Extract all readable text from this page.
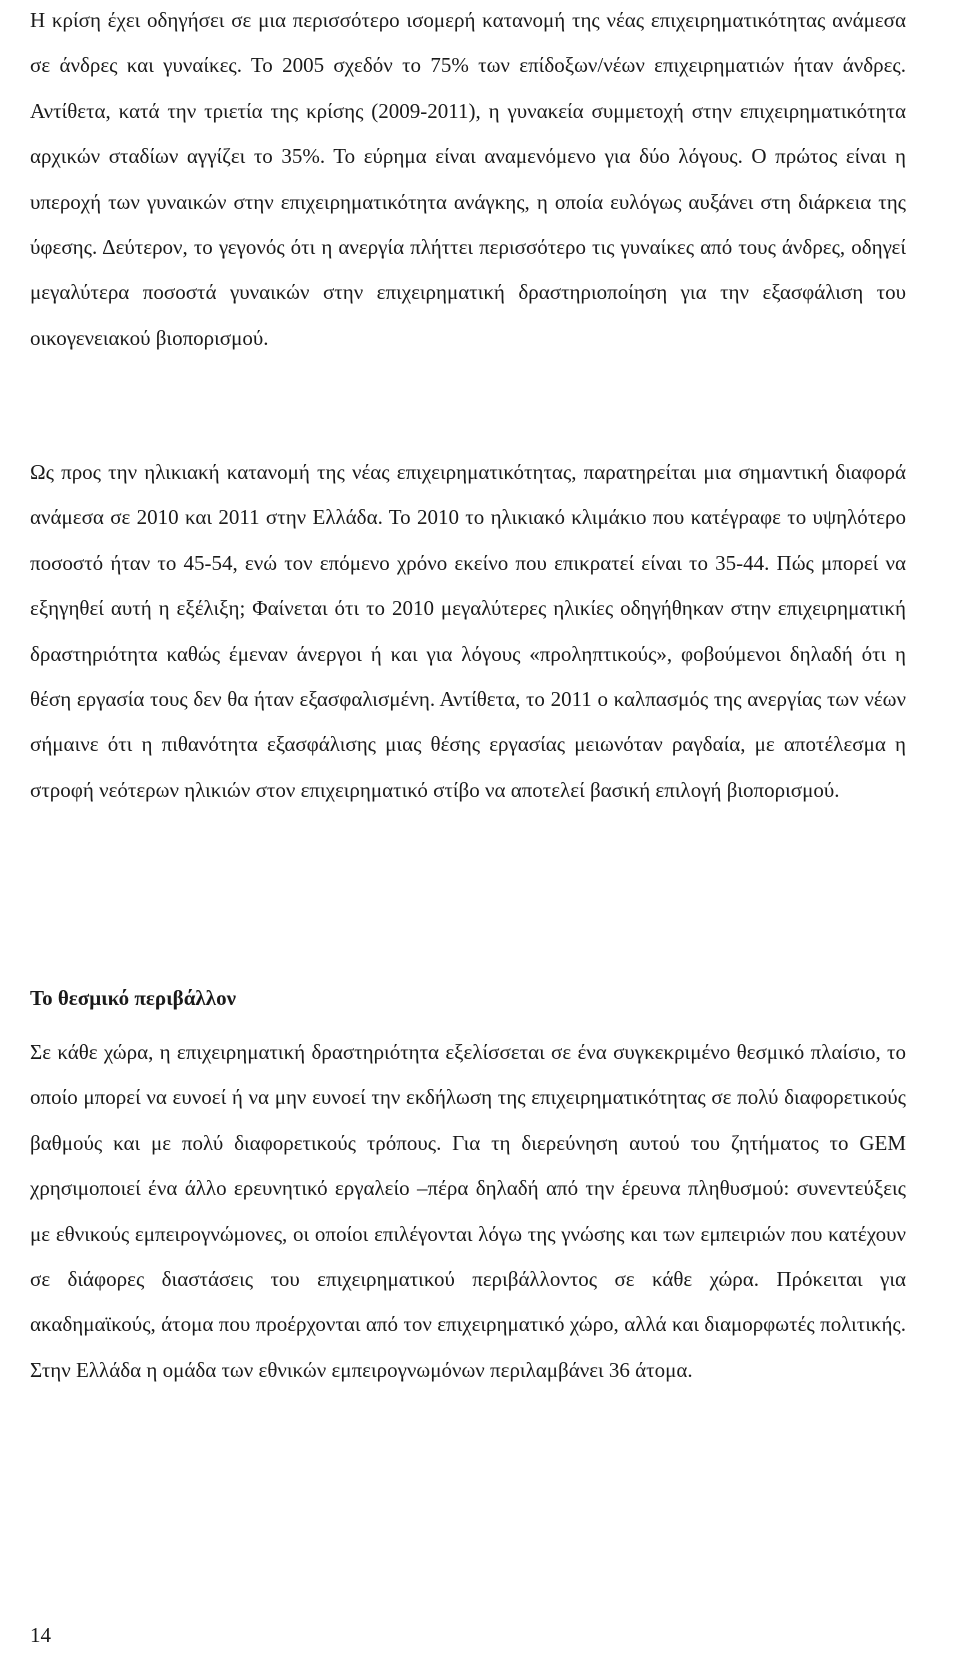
Η κρίση έχει οδηγήσει σε μια περισσότερο ισομερή κατανομή της νέας επιχειρηματικότητας ανάμεσα σε άνδρες και γυναίκες. Το 2005 σχεδόν το 75% των επίδοξων/νέων επιχειρηματιών ήταν άνδρες. Αντίθετα, κατά την τριετία της κρίσης (2009-2011), η γυνακεία συμμετοχή στην επιχειρηματικότητα αρχικών σταδίων αγγίζει το 35%. Το εύρημα είναι αναμενόμενο για δύο λόγους. Ο πρώτος είναι η υπεροχή των γυναικών στην επιχειρηματικότητα ανάγκης, η οποία ευλόγως αυξάνει στη διάρκεια της ύφεσης. Δεύτερον, το γεγονός ότι η ανεργία πλήττει περισσότερο τις γυναίκες από τους άνδρες, οδηγεί μεγαλύτερα ποσοστά γυναικών στην επιχειρηματική δραστηριοποίηση για την εξασφάλιση του οικογενειακού βιοπορισμού.

Ως προς την ηλικιακή κατανομή της νέας επιχειρηματικότητας, παρατηρείται μια σημαντική διαφορά ανάμεσα σε 2010 και 2011 στην Ελλάδα. Το 2010 το ηλικιακό κλιμάκιο που κατέγραφε το υψηλότερο ποσοστό ήταν το 45-54, ενώ τον επόμενο χρόνο εκείνο που επικρατεί είναι το 35-44. Πώς μπορεί να εξηγηθεί αυτή η εξέλιξη; Φαίνεται ότι το 2010 μεγαλύτερες ηλικίες οδηγήθηκαν στην επιχειρηματική δραστηριότητα καθώς έμεναν άνεργοι ή και για λόγους «προληπτικούς», φοβούμενοι δηλαδή ότι η θέση εργασία τους δεν θα ήταν εξασφαλισμένη. Αντίθετα, το 2011 ο καλπασμός της ανεργίας των νέων σήμαινε ότι η πιθανότητα εξασφάλισης μιας θέσης εργασίας μειωνόταν ραγδαία, με αποτέλεσμα η στροφή νεότερων ηλικιών στον επιχειρηματικό στίβο να αποτελεί βασική επιλογή βιοπορισμού.

Το θεσμικό περιβάλλον

Σε κάθε χώρα, η επιχειρηματική δραστηριότητα εξελίσσεται σε ένα συγκεκριμένο θεσμικό πλαίσιο, το οποίο μπορεί να ευνοεί ή να μην ευνοεί την εκδήλωση της επιχειρηματικότητας σε πολύ διαφορετικούς βαθμούς και με πολύ διαφορετικούς τρόπους. Για τη διερεύνηση αυτού του ζητήματος το GEM χρησιμοποιεί ένα άλλο ερευνητικό εργαλείο –πέρα δηλαδή από την έρευνα πληθυσμού: συνεντεύξεις με εθνικούς εμπειρογνώμονες, οι οποίοι επιλέγονται λόγω της γνώσης και των εμπειριών που κατέχουν σε διάφορες διαστάσεις του επιχειρηματικού περιβάλλοντος σε κάθε χώρα. Πρόκειται για ακαδημαϊκούς, άτομα που προέρχονται από τον επιχειρηματικό χώρο, αλλά και διαμορφωτές πολιτικής. Στην Ελλάδα η ομάδα των εθνικών εμπειρογνωμόνων περιλαμβάνει 36 άτομα.

14
